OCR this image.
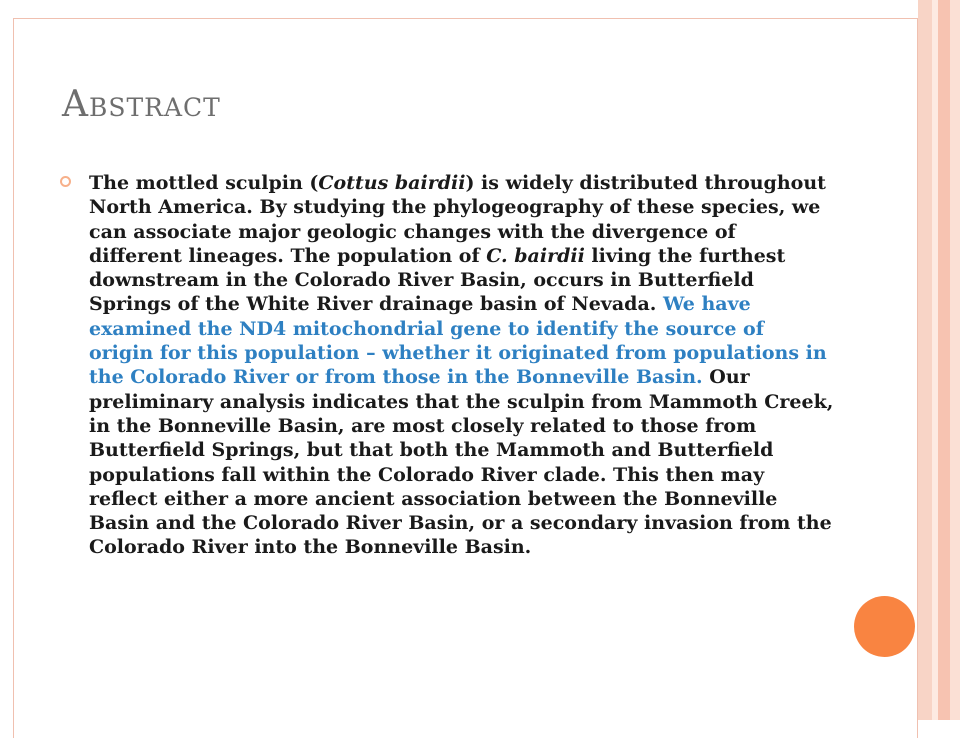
Abstract

The mottled sculpin (Cottus bairdii) is widely distributed throughout North America. By studying the phylogeography of these species, we can associate major geologic changes with the divergence of different lineages. The population of C. bairdii living the furthest downstream in the Colorado River Basin, occurs in Butterfield Springs of the White River drainage basin of Nevada. We have examined the ND4 mitochondrial gene to identify the source of origin for this population – whether it originated from populations in the Colorado River or from those in the Bonneville Basin. Our preliminary analysis indicates that the sculpin from Mammoth Creek, in the Bonneville Basin, are most closely related to those from Butterfield Springs, but that both the Mammoth and Butterfield populations fall within the Colorado River clade. This then may reflect either a more ancient association between the Bonneville Basin and the Colorado River Basin, or a secondary invasion from the Colorado River into the Bonneville Basin.
